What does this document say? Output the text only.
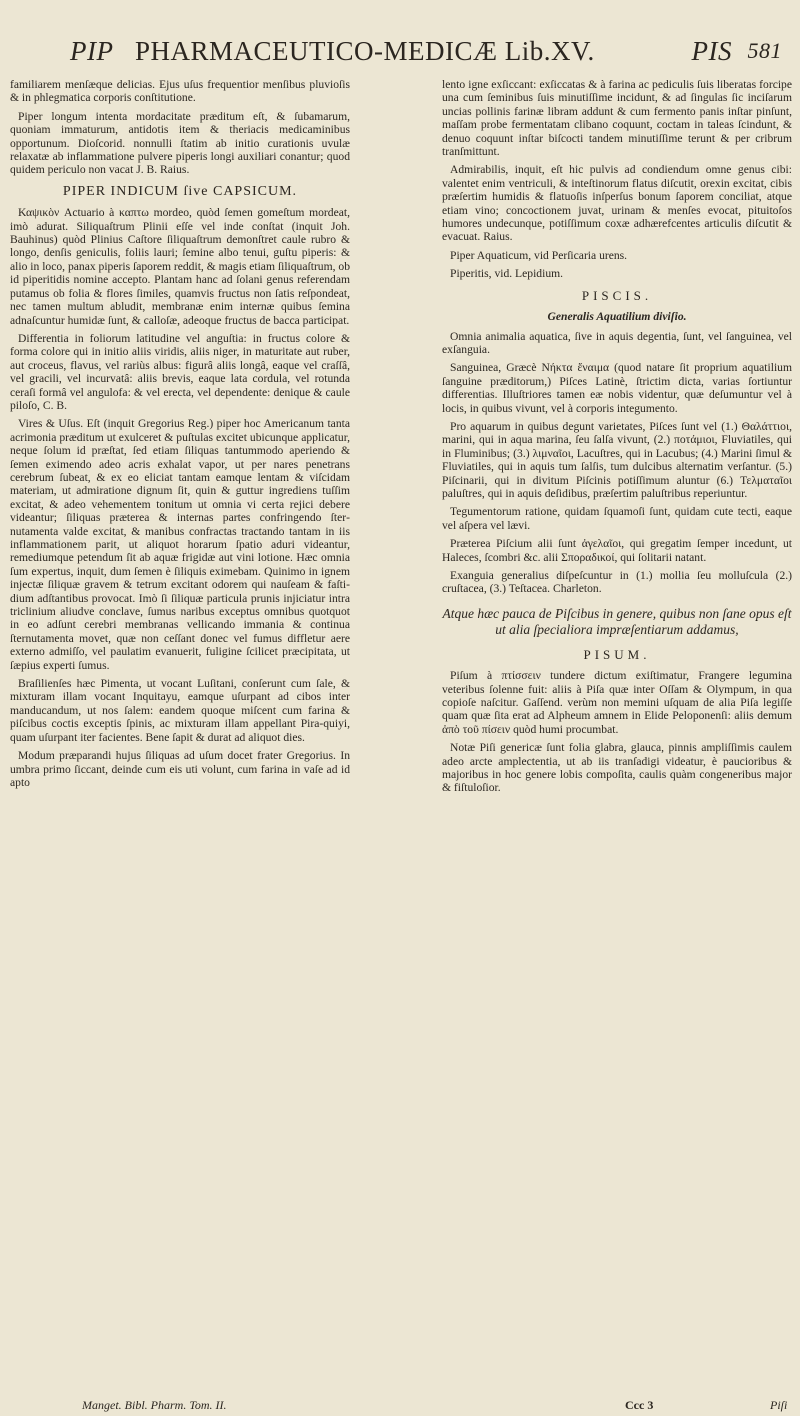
PIP PHARMACEUTICO-MEDICÆ Lib.XV.	PIS 581

familiarem menſæque delicias. Ejus uſus frequentior menſibus pluvioſis & in phlegmatica corporis conſtitutione.

Piper longum intenta mordacitate præditum eſt, & ſubamarum, quoniam immaturum, antidotis item & theriacis medicaminibus opportunum. Dioſcorid. nonnulli ſtatim ab initio curationis uvulæ relaxatæ ab inflammatione pulvere piperis longi auxiliari conantur; quod quidem periculo non vacat J. B. Raius.

PIPER INDICUM ſive CAPSICUM.

Καψικὸν Actuario à καπτω mordeo, quòd ſemen gomeſtum mordeat, imò adurat. Siliquaſtrum Plinii eſſe vel inde conſtat (inquit Joh. Bauhinus) quòd Plinius Caſtore ſiliquaſtrum demonſtret caule rubro & longo, denſis geniculis, foliis lauri; ſemine albo tenui, guſtu piperis: & alio in loco, panax piperis ſaporem reddit, & magis etiam ſiliquaſtrum, ob id piperitidis nomine accepto. Plantam hanc ad ſolani genus referendam putamus ob folia & flores ſimiles, quamvis fructus non ſatis reſpondeat, nec tamen multum abludit, membranæ enim internæ quibus ſemina adnaſcuntur humidæ ſunt, & calloſæ, adeoque fructus de bacca participat.

Differentia in foliorum latitudine vel anguſtia: in fructus colore & forma colore qui in initio aliis viridis, aliis niger, in maturitate aut ruber, aut croceus, flavus, vel rariùs albus: figurâ aliis longâ, eaque vel craſſâ, vel gracili, vel incurvatâ: aliis brevis, eaque lata cordula, vel rotunda ceraſi formâ vel angulofa: & vel erecta, vel dependente: denique & caule piloſo, C. B.

Vires & Uſus. Eſt (inquit Gregorius Reg.) piper hoc Americanum tanta acrimonia præditum ut exulceret & puſtulas excitet ubicunque applicatur, neque ſolum id præſtat, ſed etiam ſiliquas tantummodo aperiendo & ſemen eximendo adeo acris exhalat vapor, ut per nares penetrans cerebrum ſubeat, & ex eo eliciat tantam eamque lentam & viſcidam materiam, ut admiratione dignum ſit, quin & guttur ingrediens tuſſim excitat, & adeo vehementem tonitum ut omnia vi certa rejici debere videantur; ſiliquas præterea & internas partes confringendo ſternutamenta valde excitat, & manibus confractas tractando tantam in iis inflammationem parit, ut aliquot horarum ſpatio aduri videantur, remediumque petendum ſit ab aquæ frigidæ aut vini lotione. Hæc omnia ſum expertus, inquit, dum ſemen è ſiliquis eximebam. Quinimo in ignem injectæ ſiliquæ gravem & tetrum excitant odorem qui nauſeam & faſtidium adſtantibus provocat. Imò ſi ſiliquæ particula prunis injiciatur intra triclinium aliudve conclave, ſumus naribus exceptus omnibus quotquot in eo adſunt cerebri membranas vellicando immania & continua ſternutamenta movet, quæ non ceſſant donec vel fumus diffletur aere externo admiſſo, vel paulatim evanuerit, fuligine ſcilicet præcipitata, ut ſæpius experti ſumus.

Braſilienſes hæc Pimenta, ut vocant Luſitani, conſerunt cum ſale, & mixturam illam vocant Inquitayu, eamque uſurpant ad cibos inter manducandum, ut nos ſalem: eandem quoque miſcent cum farina & piſcibus coctis exceptis ſpinis, ac mixturam illam appellant Pira-quiyi, quam uſurpant iter facientes. Bene ſapit & durat ad aliquot dies.

Modum præparandi hujus ſiliquas ad uſum docet frater Gregorius. In umbra primo ſiccant, deinde cum eis uti volunt, cum farina in vaſe ad id apto

lento igne exſiccant: exſiccatas & à farina ac pediculis ſuis liberatas forcipe una cum ſeminibus ſuis minutiſſime incidunt, & ad ſingulas ſic inciſarum uncias pollinis farinæ libram addunt & cum fermento panis inſtar pinſunt, maſſam probe fermentatam clibano coquunt, coctam in taleas ſcindunt, & denuo coquunt inſtar biſcocti tandem minutiſſime terunt & per cribrum tranſmittunt.

Admirabilis, inquit, eſt hic pulvis ad condiendum omne genus cibi: valentet enim ventriculi, & inteſtinorum flatus diſcutit, orexin excitat, cibis præſertim humidis & flatuoſis inſperſus bonum ſaporem conciliat, atque etiam vino; concoctionem juvat, urinam & menſes evocat, pituitoſos humores undecunque, potiſſimum coxæ adhærefcentes articulis diſcutit & evacuat. Raius.

Piper Aquaticum, vid Perſicaria urens.

Piperitis, vid. Lepidium.

PISCIS.
Generalis Aquatilium diviſio.

Omnia animalia aquatica, ſive in aquis degentia, ſunt, vel ſanguinea, vel exſanguia.

Sanguinea, Græcè Νήκτα ἔναιμα (quod natare ſit proprium aquatilium ſanguine præditorum,) Piſces Latinè, ſtrictim dicta, varias ſortiuntur differentias. Illuſtriores tamen eæ nobis videntur, quæ deſumuntur vel à locis, in quibus vivunt, vel à corporis integumento.

Pro aquarum in quibus degunt varietates, Piſces ſunt vel (1.) Θαλάττιοι, marini, qui in aqua marina, ſeu ſalſa vivunt, (2.) ποτάμιοι, Fluviatiles, qui in Fluminibus; (3.) λιμναῖοι, Lacuſtres, qui in Lacubus; (4.) Marini ſimul & Fluviatiles, qui in aquis tum ſalſis, tum dulcibus alternatim verſantur. (5.) Piſcinarii, qui in divitum Piſcinis potiſſimum aluntur (6.) Τελματαῖοι paluſtres, qui in aquis deſidibus, præſertim paluſtribus reperiuntur.

Tegumentorum ratione, quidam ſquamoſi ſunt, quidam cute tecti, eaque vel aſpera vel lævi.

Præterea Piſcium alii ſunt ἀγελαῖοι, qui gregatim ſemper incedunt, ut Haleces, ſcombri &c. alii Σποραδικοί, qui ſolitarii natant.

Exanguia generalius diſpeſcuntur in (1.) mollia ſeu molluſcula (2.) cruſtacea, (3.) Teſtacea. Charleton.

Atque hæc pauca de Piſcibus in genere, quibus non ſane opus eſt ut alia ſpecialiora impræſentiarum addamus,
PISUM.

Piſum à πτίσσειν tundere dictum exiſtimatur, Frangere legumina veteribus ſolenne fuit: aliis à Piſa quæ inter Oſſam & Olympum, in qua copioſe naſcitur. Gaſſend. verùm non memini uſquam de alia Piſa legiſſe quam quæ ſita erat ad Alpheum amnem in Elide Peloponenſi: aliis demum ἀπὸ τοῦ πίσειν quòd humi procumbat.

Notæ Piſi genericæ ſunt folia glabra, glauca, pinnis ampliſſimis caulem adeo arcte amplectentia, ut ab iis tranſadigi videatur, è paucioribus & majoribus in hoc genere lobis compoſita, caulis quàm congeneribus major & fiſtuloſior.

Manget. Bibl. Pharm. Tom. II.	Ccc 3	Piſi
